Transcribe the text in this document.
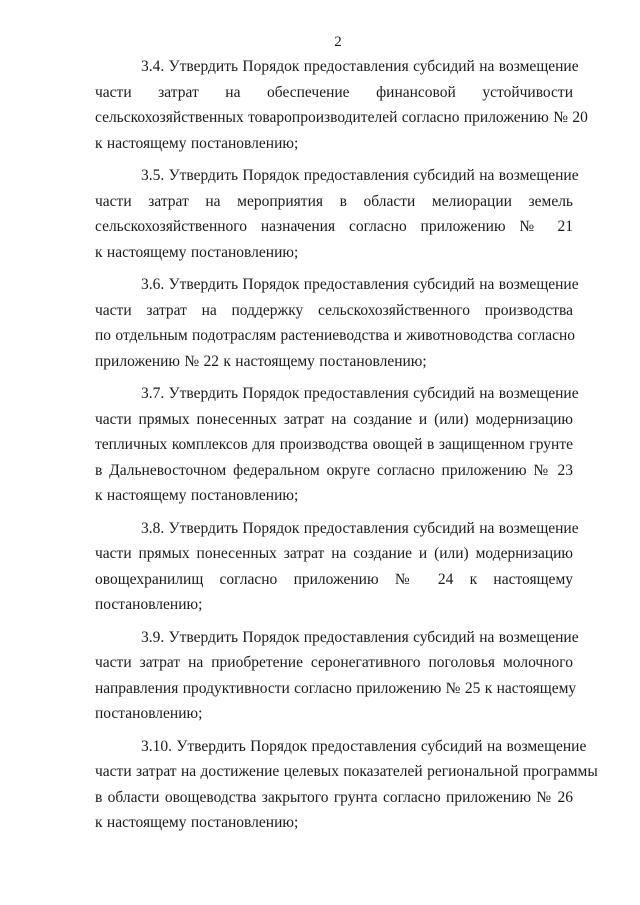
2

3.4. Утвердить Порядок предоставления субсидий на возмещение
части затрат на обеспечение финансовой устойчивости
сельскохозяйственных товаропроизводителей согласно приложению № 20
к настоящему постановлению;

3.5. Утвердить Порядок предоставления субсидий на возмещение
части затрат на мероприятия в области мелиорации земель
сельскохозяйственного назначения согласно приложению № 21
к настоящему постановлению;

3.6. Утвердить Порядок предоставления субсидий на возмещение
части затрат на поддержку сельскохозяйственного производства
по отдельным подотраслям растениеводства и животноводства согласно
приложению № 22 к настоящему постановлению;

3.7. Утвердить Порядок предоставления субсидий на возмещение
части прямых понесенных затрат на создание и (или) модернизацию
тепличных комплексов для производства овощей в защищенном грунте
в Дальневосточном федеральном округе согласно приложению № 23
к настоящему постановлению;

3.8. Утвердить Порядок предоставления субсидий на возмещение
части прямых понесенных затрат на создание и (или) модернизацию
овощехранилищ согласно приложению № 24 к настоящему
постановлению;

3.9. Утвердить Порядок предоставления субсидий на возмещение
части затрат на приобретение серонегативного поголовья молочного
направления продуктивности согласно приложению № 25 к настоящему
постановлению;

3.10. Утвердить Порядок предоставления субсидий на возмещение
части затрат на достижение целевых показателей региональной программы
в области овощеводства закрытого грунта согласно приложению № 26
к настоящему постановлению;
